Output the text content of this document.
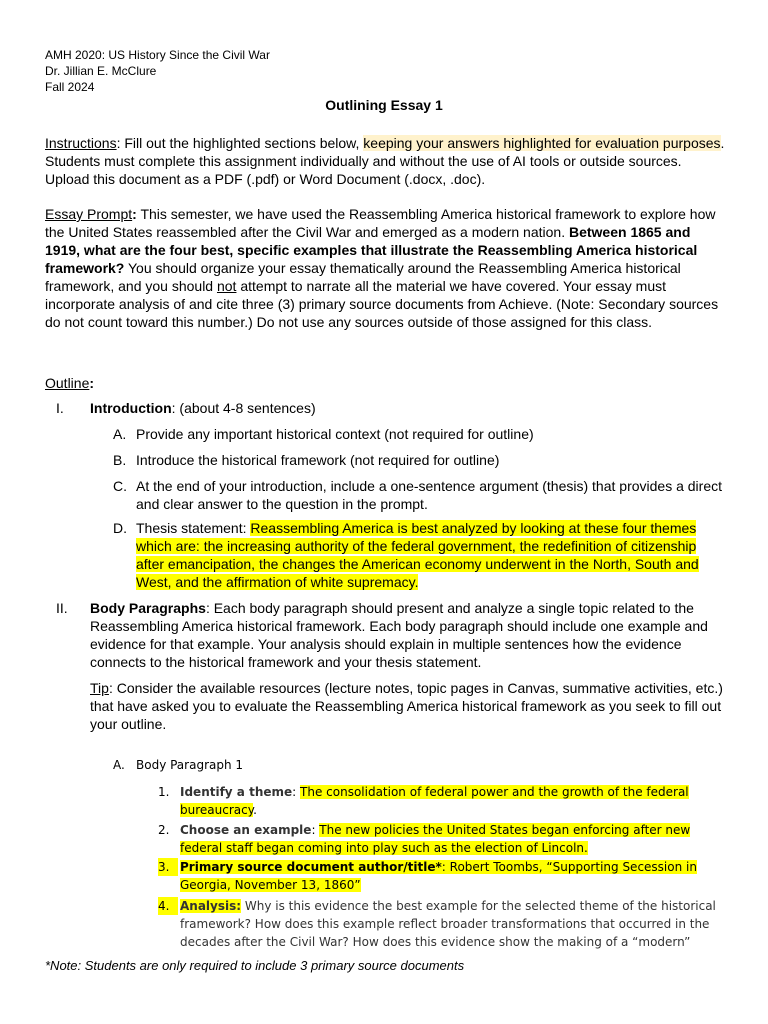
AMH 2020: US History Since the Civil War
Dr. Jillian E. McClure
Fall 2024
Outlining Essay 1
Instructions: Fill out the highlighted sections below, keeping your answers highlighted for evaluation purposes. Students must complete this assignment individually and without the use of AI tools or outside sources. Upload this document as a PDF (.pdf) or Word Document (.docx, .doc).
Essay Prompt: This semester, we have used the Reassembling America historical framework to explore how the United States reassembled after the Civil War and emerged as a modern nation. Between 1865 and 1919, what are the four best, specific examples that illustrate the Reassembling America historical framework? You should organize your essay thematically around the Reassembling America historical framework, and you should not attempt to narrate all the material we have covered. Your essay must incorporate analysis of and cite three (3) primary source documents from Achieve. (Note: Secondary sources do not count toward this number.) Do not use any sources outside of those assigned for this class.
Outline:
I.	Introduction: (about 4-8 sentences)
A. Provide any important historical context (not required for outline)
B. Introduce the historical framework (not required for outline)
C. At the end of your introduction, include a one-sentence argument (thesis) that provides a direct and clear answer to the question in the prompt.
D. Thesis statement: Reassembling America is best analyzed by looking at these four themes which are: the increasing authority of the federal government, the redefinition of citizenship after emancipation, the changes the American economy underwent in the North, South and West, and the affirmation of white supremacy.
II.	Body Paragraphs: Each body paragraph should present and analyze a single topic related to the Reassembling America historical framework. Each body paragraph should include one example and evidence for that example. Your analysis should explain in multiple sentences how the evidence connects to the historical framework and your thesis statement.
Tip: Consider the available resources (lecture notes, topic pages in Canvas, summative activities, etc.) that have asked you to evaluate the Reassembling America historical framework as you seek to fill out your outline.
A. Body Paragraph 1
1. Identify a theme: The consolidation of federal power and the growth of the federal bureaucracy.
2. Choose an example: The new policies the United States began enforcing after new federal staff began coming into play such as the election of Lincoln.
3. Primary source document author/title*: Robert Toombs, “Supporting Secession in Georgia, November 13, 1860”
4. Analysis: Why is this evidence the best example for the selected theme of the historical framework? How does this example reflect broader transformations that occurred in the decades after the Civil War? How does this evidence show the making of a “modern”
*Note: Students are only required to include 3 primary source documents
